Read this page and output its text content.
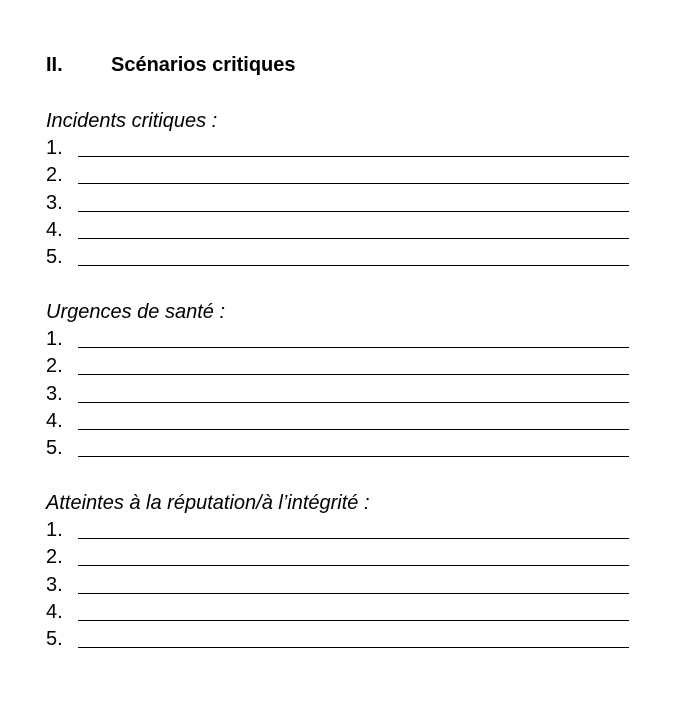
II. Scénarios critiques
Incidents critiques :
1.
2.
3.
4.
5.
Urgences de santé :
1.
2.
3.
4.
5.
Atteintes à la réputation/à l’intégrité :
1.
2.
3.
4.
5.
